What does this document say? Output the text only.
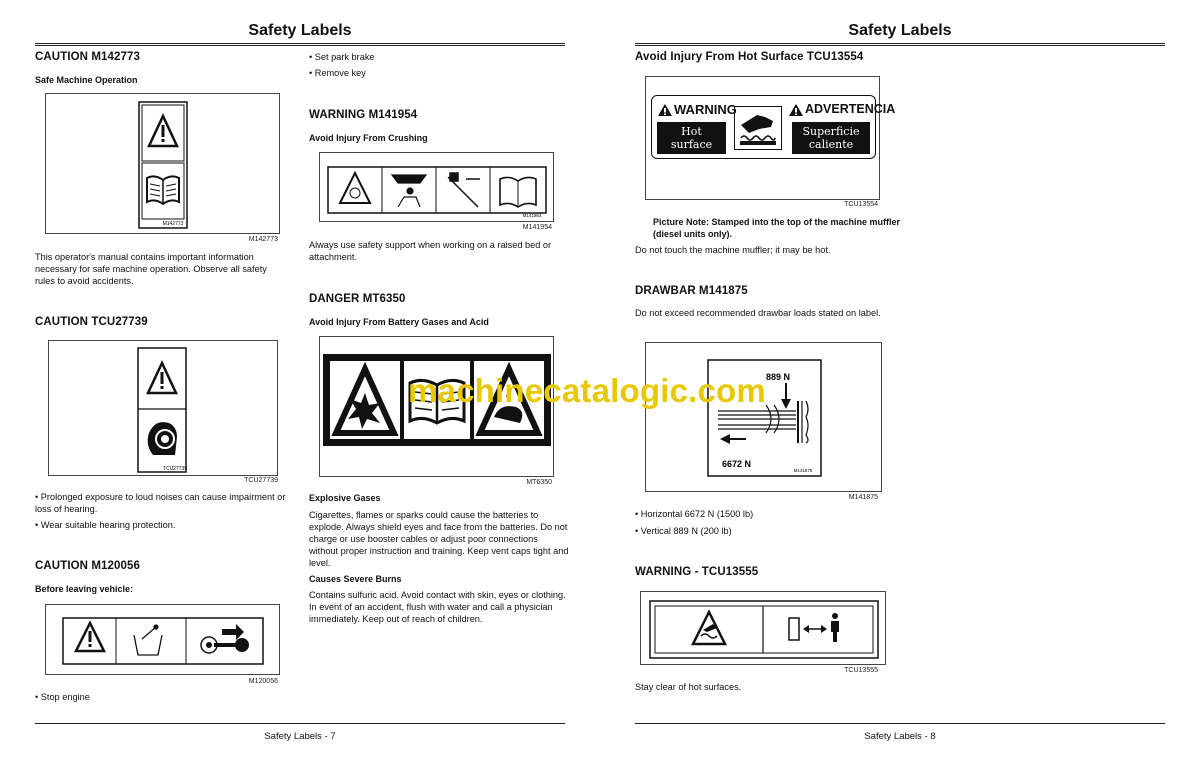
Safety Labels
CAUTION M142773
Safe Machine Operation
M142773
M142773
This operator's manual contains important information necessary for safe machine operation. Observe all safety rules to avoid accidents.
CAUTION TCU27739
TCU27739
TCU27739
• Prolonged exposure to loud noises can cause impairment or loss of hearing.
• Wear suitable hearing protection.
CAUTION M120056
Before leaving vehicle:
M120056
• Stop engine
• Set park brake
• Remove key
WARNING M141954
Avoid Injury From Crushing
M141954
M141954
Always use safety support when working on a raised bed or attachment.
DANGER MT6350
Avoid Injury From Battery Gases and Acid
MT6350
Explosive Gases
Cigarettes, flames or sparks could cause the batteries to explode. Always shield eyes and face from the batteries. Do not charge or use booster cables or adjust poor connections without proper instruction and training. Keep vent caps tight and level.
Causes Severe Burns
Contains sulfuric acid. Avoid contact with skin, eyes or clothing. In event of an accident, flush with water and call a physician immediately. Keep out of reach of children.
Safety Labels - 7
Safety Labels
Avoid Injury From Hot Surface TCU13554
WARNING
Hot surface
ADVERTENCIA
Superficie caliente
TCU13554
Picture Note: Stamped into the top of the machine muffler (diesel units only).
Do not touch the machine muffler; it may be hot.
DRAWBAR M141875
Do not exceed recommended drawbar loads stated on label.
889 N
6672 N
M141875
M141875
• Horizontal 6672 N (1500 lb)
• Vertical 889 N (200 lb)
WARNING - TCU13555
TCU13555
Stay clear of hot surfaces.
Safety Labels - 8
machinecatalogic.com
